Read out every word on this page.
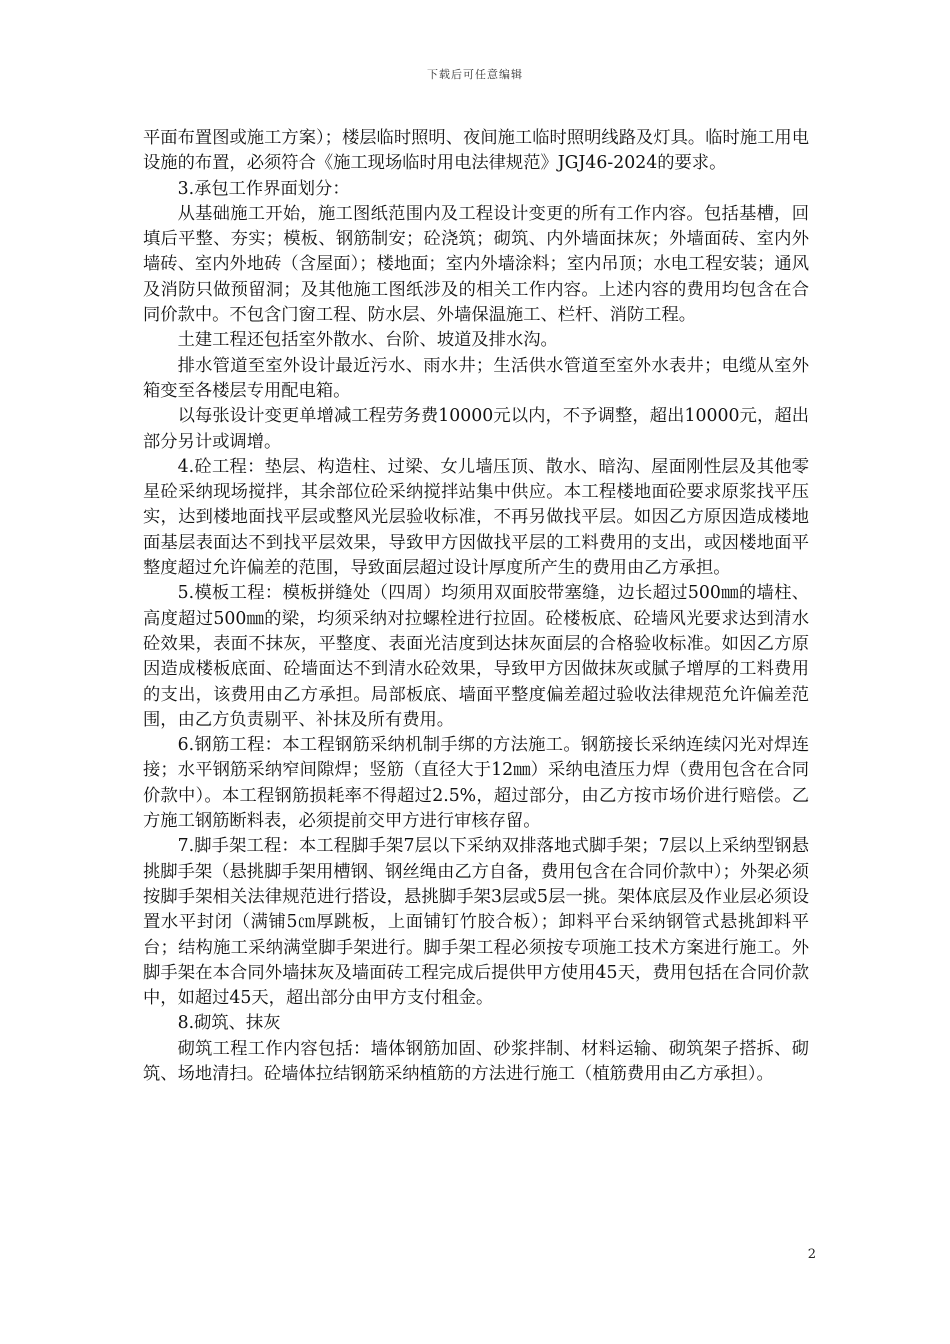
下载后可任意编辑

平面布置图或施工方案）；楼层临时照明、夜间施工临时照明线路及灯具。临时施工用电设施的布置，必须符合《施工现场临时用电法律规范》JGJ46-2024的要求。

3.承包工作界面划分：

从基础施工开始，施工图纸范围内及工程设计变更的所有工作内容。包括基槽，回填后平整、夯实；模板、钢筋制安；砼浇筑；砌筑、内外墙面抹灰；外墙面砖、室内外墙砖、室内外地砖（含屋面）；楼地面；室内外墙涂料；室内吊顶；水电工程安装；通风及消防只做预留洞；及其他施工图纸涉及的相关工作内容。上述内容的费用均包含在合同价款中。不包含门窗工程、防水层、外墙保温施工、栏杆、消防工程。

土建工程还包括室外散水、台阶、坡道及排水沟。

排水管道至室外设计最近污水、雨水井；生活供水管道至室外水表井；电缆从室外箱变至各楼层专用配电箱。

以每张设计变更单增减工程劳务费10000元以内，不予调整，超出10000元，超出部分另计或调增。

4.砼工程：垫层、构造柱、过梁、女儿墙压顶、散水、暗沟、屋面刚性层及其他零星砼采纳现场搅拌，其余部位砼采纳搅拌站集中供应。本工程楼地面砼要求原浆找平压实，达到楼地面找平层或整风光层验收标准，不再另做找平层。如因乙方原因造成楼地面基层表面达不到找平层效果，导致甲方因做找平层的工料费用的支出，或因楼地面平整度超过允许偏差的范围，导致面层超过设计厚度所产生的费用由乙方承担。

5.模板工程：模板拼缝处（四周）均须用双面胶带塞缝，边长超过500㎜的墙柱、高度超过500㎜的梁，均须采纳对拉螺栓进行拉固。砼楼板底、砼墙风光要求达到清水砼效果，表面不抹灰，平整度、表面光洁度到达抹灰面层的合格验收标准。如因乙方原因造成楼板底面、砼墙面达不到清水砼效果，导致甲方因做抹灰或腻子增厚的工料费用的支出，该费用由乙方承担。局部板底、墙面平整度偏差超过验收法律规范允许偏差范围，由乙方负责剔平、补抹及所有费用。

6.钢筋工程：本工程钢筋采纳机制手绑的方法施工。钢筋接长采纳连续闪光对焊连接；水平钢筋采纳窄间隙焊；竖筋（直径大于12㎜）采纳电渣压力焊（费用包含在合同价款中）。本工程钢筋损耗率不得超过2.5%，超过部分，由乙方按市场价进行赔偿。乙方施工钢筋断料表，必须提前交甲方进行审核存留。

7.脚手架工程：本工程脚手架7层以下采纳双排落地式脚手架；7层以上采纳型钢悬挑脚手架（悬挑脚手架用槽钢、钢丝绳由乙方自备，费用包含在合同价款中）；外架必须按脚手架相关法律规范进行搭设，悬挑脚手架3层或5层一挑。架体底层及作业层必须设置水平封闭（满铺5㎝厚跳板，上面铺钉竹胶合板）；卸料平台采纳钢管式悬挑卸料平台；结构施工采纳满堂脚手架进行。脚手架工程必须按专项施工技术方案进行施工。外脚手架在本合同外墙抹灰及墙面砖工程完成后提供甲方使用45天，费用包括在合同价款中，如超过45天，超出部分由甲方支付租金。

8.砌筑、抹灰

砌筑工程工作内容包括：墙体钢筋加固、砂浆拌制、材料运输、砌筑架子搭拆、砌筑、场地清扫。砼墙体拉结钢筋采纳植筋的方法进行施工（植筋费用由乙方承担）。

2
